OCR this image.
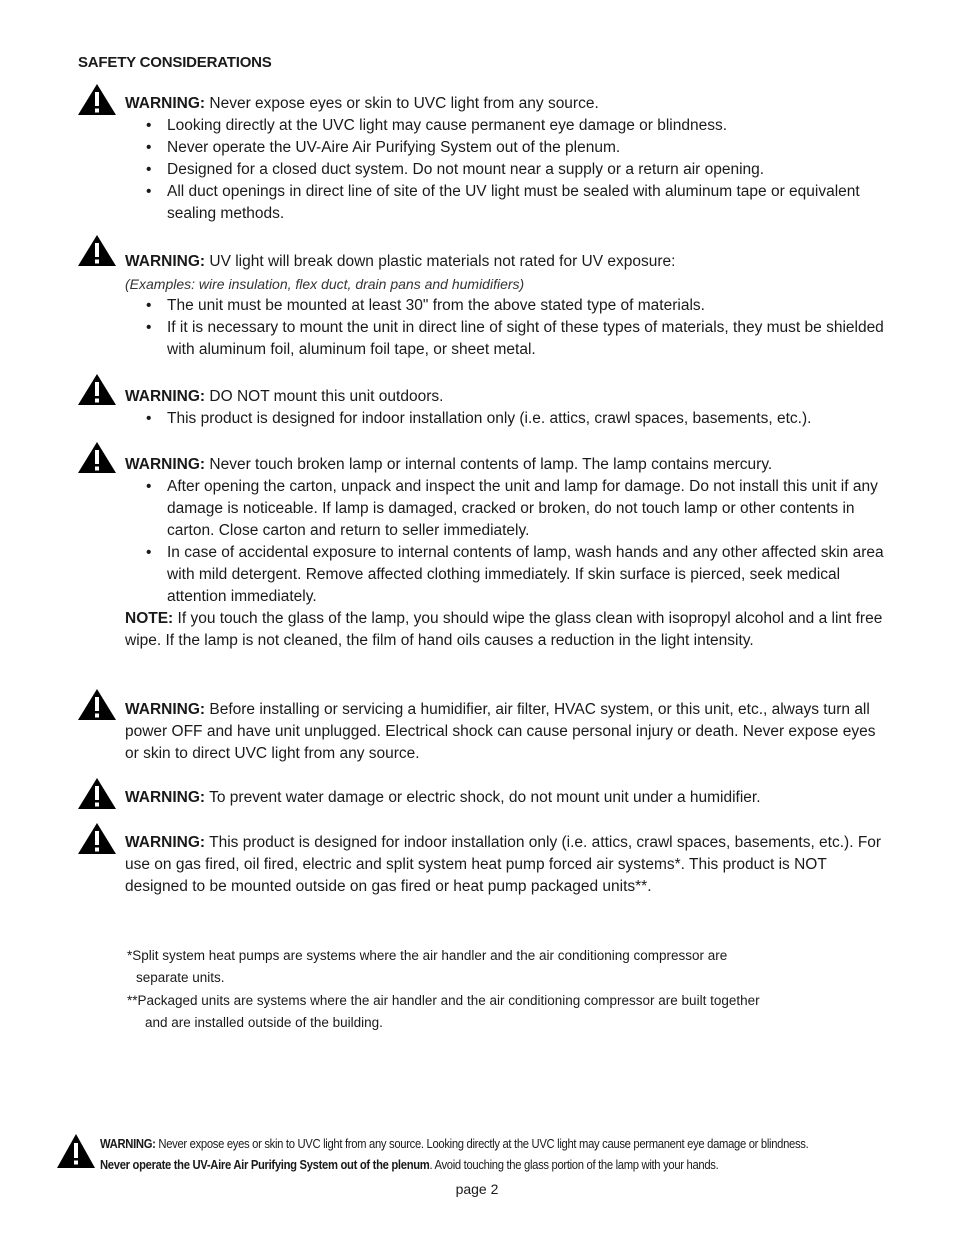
SAFETY CONSIDERATIONS
WARNING: Never expose eyes or skin to UVC light from any source.
• Looking directly at the UVC light may cause permanent eye damage or blindness.
• Never operate the UV-Aire Air Purifying System out of the plenum.
• Designed for a closed duct system. Do not mount near a supply or a return air opening.
• All duct openings in direct line of site of the UV light must be sealed with aluminum tape or equivalent sealing methods.
WARNING: UV light will break down plastic materials not rated for UV exposure:
(Examples: wire insulation, flex duct, drain pans and humidifiers)
• The unit must be mounted at least 30" from the above stated type of materials.
• If it is necessary to mount the unit in direct line of sight of these types of materials, they must be shielded with aluminum foil, aluminum foil tape, or sheet metal.
WARNING: DO NOT mount this unit outdoors.
• This product is designed for indoor installation only (i.e. attics, crawl spaces, basements, etc.).
WARNING: Never touch broken lamp or internal contents of lamp. The lamp contains mercury.
• After opening the carton, unpack and inspect the unit and lamp for damage. Do not install this unit if any damage is noticeable. If lamp is damaged, cracked or broken, do not touch lamp or other contents in carton. Close carton and return to seller immediately.
• In case of accidental exposure to internal contents of lamp, wash hands and any other affected skin area with mild detergent. Remove affected clothing immediately. If skin surface is pierced, seek medical attention immediately.
NOTE: If you touch the glass of the lamp, you should wipe the glass clean with isopropyl alcohol and a lint free wipe. If the lamp is not cleaned, the film of hand oils causes a reduction in the light intensity.
WARNING: Before installing or servicing a humidifier, air filter, HVAC system, or this unit, etc., always turn all power OFF and have unit unplugged. Electrical shock can cause personal injury or death. Never expose eyes or skin to direct UVC light from any source.
WARNING: To prevent water damage or electric shock, do not mount unit under a humidifier.
WARNING: This product is designed for indoor installation only (i.e. attics, crawl spaces, basements, etc.). For use on gas fired, oil fired, electric and split system heat pump forced air systems*. This product is NOT designed to be mounted outside on gas fired or heat pump packaged units**.
*Split system heat pumps are systems where the air handler and the air conditioning compressor are
separate units.
**Packaged units are systems where the air handler and the air conditioning compressor are built together
and are installed outside of the building.
WARNING: Never expose eyes or skin to UVC light from any source. Looking directly at the UVC light may cause permanent eye damage or blindness.
Never operate the UV-Aire Air Purifying System out of the plenum. Avoid touching the glass portion of the lamp with your hands.
page 2
